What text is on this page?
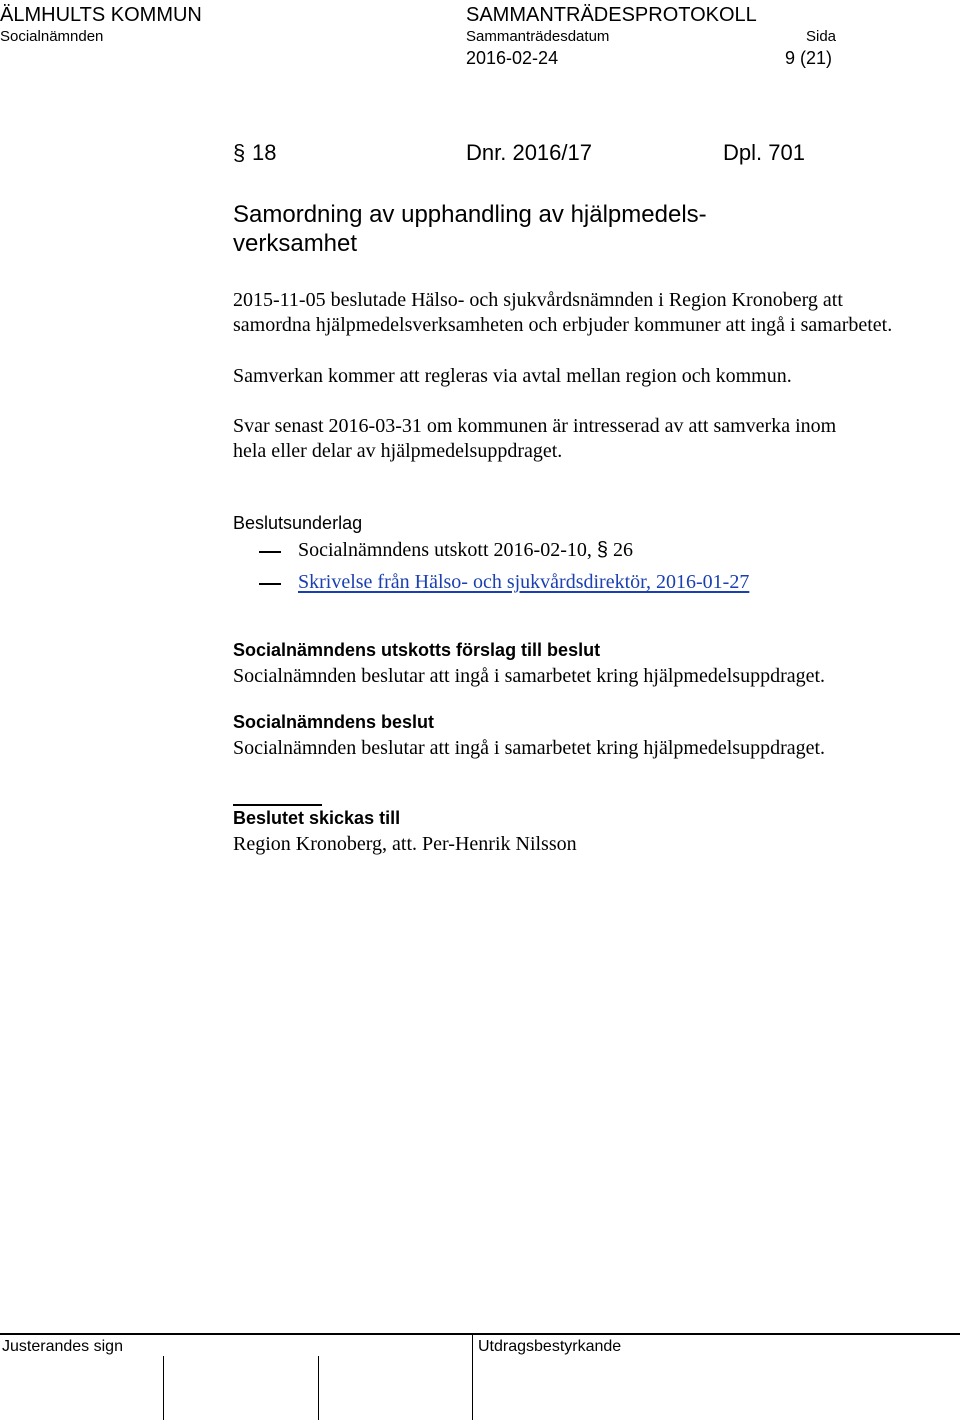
ÄLMHULTS KOMMUN	SAMMANTRÄDESPROTOKOLL
Socialnämnden	Sammanträdesdatum	Sida
2016-02-24	9 (21)
§ 18	Dnr. 2016/17	Dpl. 701
Samordning av upphandling av hjälpmedels-
verksamhet
2015-11-05 beslutade Hälso- och sjukvårdsnämnden i Region Kronoberg att samordna hjälpmedelsverksamheten och erbjuder kommuner att ingå i samarbetet.
Samverkan kommer att regleras via avtal mellan region och kommun.
Svar senast 2016-03-31 om kommunen är intresserad av att samverka inom hela eller delar av hjälpmedelsuppdraget.
Beslutsunderlag
Socialnämndens utskott 2016-02-10, § 26
Skrivelse från Hälso- och sjukvårdsdirektör, 2016-01-27
Socialnämndens utskotts förslag till beslut
Socialnämnden beslutar att ingå i samarbetet kring hjälpmedelsuppdraget.
Socialnämndens beslut
Socialnämnden beslutar att ingå i samarbetet kring hjälpmedelsuppdraget.
Beslutet skickas till
Region Kronoberg, att. Per-Henrik Nilsson
Justerandes sign	Utdragsbestyrkande
